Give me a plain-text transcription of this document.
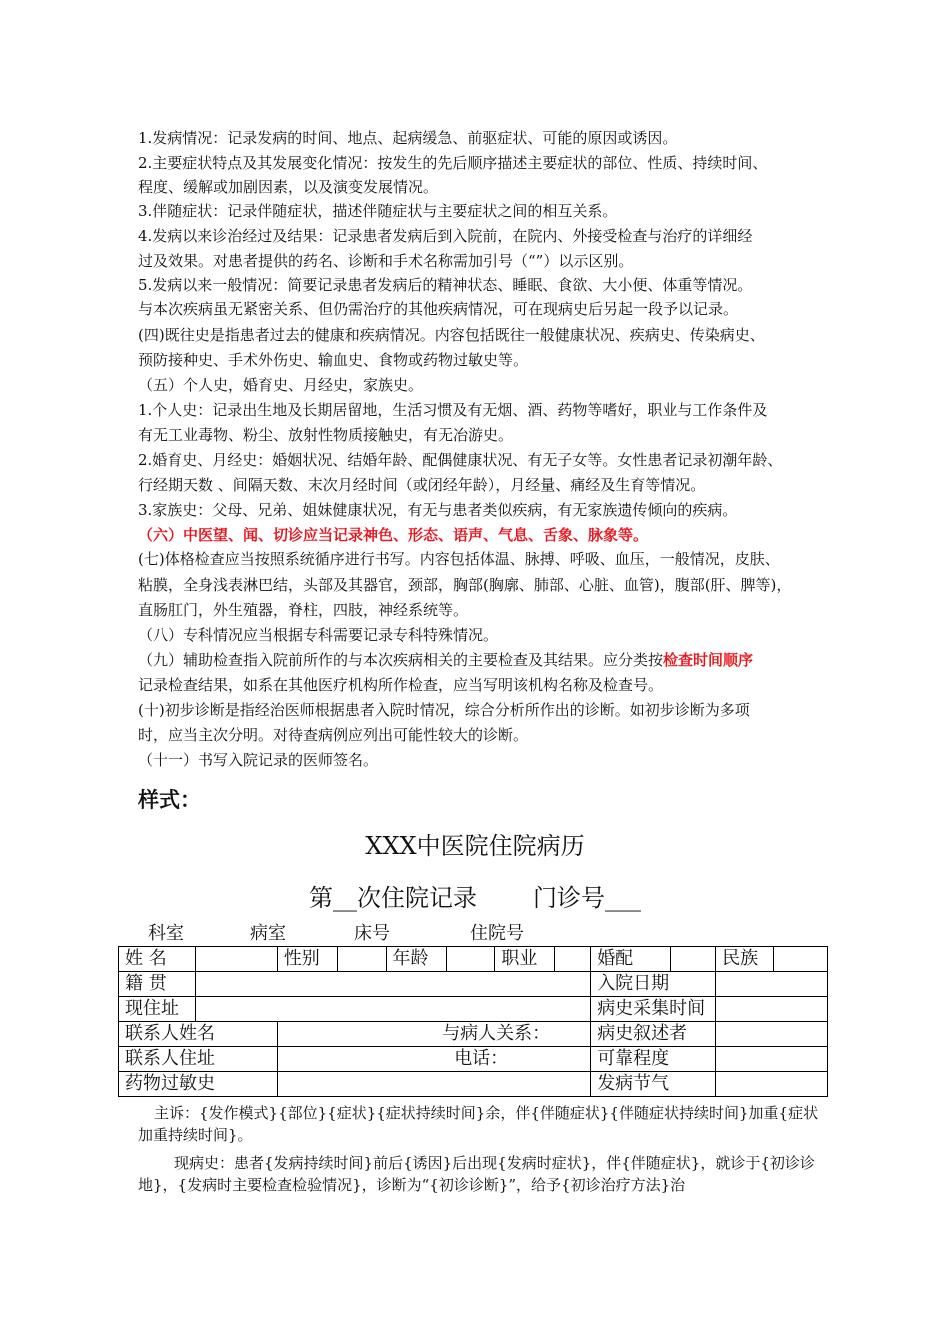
1.发病情况：记录发病的时间、地点、起病缓急、前驱症状、可能的原因或诱因。
2.主要症状特点及其发展变化情况：按发生的先后顺序描述主要症状的部位、性质、持续时间、
程度、缓解或加剧因素，以及演变发展情况。
3.伴随症状：记录伴随症状，描述伴随症状与主要症状之间的相互关系。
4.发病以来诊治经过及结果：记录患者发病后到入院前，在院内、外接受检查与治疗的详细经
过及效果。对患者提供的药名、诊断和手术名称需加引号（“”）以示区别。
5.发病以来一般情况：简要记录患者发病后的精神状态、睡眠、食欲、大小便、体重等情况。
与本次疾病虽无紧密关系、但仍需治疗的其他疾病情况，可在现病史后另起一段予以记录。
(四)既往史是指患者过去的健康和疾病情况。内容包括既往一般健康状况、疾病史、传染病史、
预防接种史、手术外伤史、输血史、食物或药物过敏史等。
（五）个人史，婚育史、月经史，家族史。
1.个人史：记录出生地及长期居留地，生活习惯及有无烟、酒、药物等嗜好，职业与工作条件及
有无工业毒物、粉尘、放射性物质接触史，有无冶游史。
2.婚育史、月经史：婚姻状况、结婚年龄、配偶健康状况、有无子女等。女性患者记录初潮年龄、
行经期天数 、间隔天数、末次月经时间（或闭经年龄），月经量、痛经及生育等情况。
3.家族史：父母、兄弟、姐妹健康状况，有无与患者类似疾病，有无家族遗传倾向的疾病。
（六）中医望、闻、切诊应当记录神色、形态、语声、气息、舌象、脉象等。
(七)体格检查应当按照系统循序进行书写。内容包括体温、脉搏、呼吸、血压，一般情况，皮肤、
粘膜，全身浅表淋巴结，头部及其器官，颈部，胸部(胸廓、肺部、心脏、血管)，腹部(肝、脾等)，
直肠肛门，外生殖器，脊柱，四肢，神经系统等。
（八）专科情况应当根据专科需要记录专科特殊情况。
（九）辅助检查指入院前所作的与本次疾病相关的主要检查及其结果。应分类按检查时间顺序
记录检查结果，如系在其他医疗机构所作检查，应当写明该机构名称及检查号。
(十)初步诊断是指经治医师根据患者入院时情况，综合分析所作出的诊断。如初步诊断为多项
时，应当主次分明。对待查病例应列出可能性较大的诊断。
（十一）书写入院记录的医师签名。
样式：
XXX中医院住院病历
第__次住院记录 门诊号___
科室	病室	床号	住院号
姓 名		性别		年龄		职业		婚配		民族	
籍 贯								入院日期			
现住址								病史采集时间			
联系人姓名		与病人关系：						病史叙述者			
联系人住址		电话：						可靠程度			
药物过敏史								发病节气			
主诉：{发作模式}{部位}{症状}{症状持续时间}余，伴{伴随症状}{伴随症状持续时间}加重{症状加重持续时间}。
现病史：患者{发病持续时间}前后{诱因}后出现{发病时症状}，伴{伴随症状}，就诊于{初诊诊地}，{发病时主要检查检验情况}，诊断为“{初诊诊断}”，给予{初诊治疗方法}治
